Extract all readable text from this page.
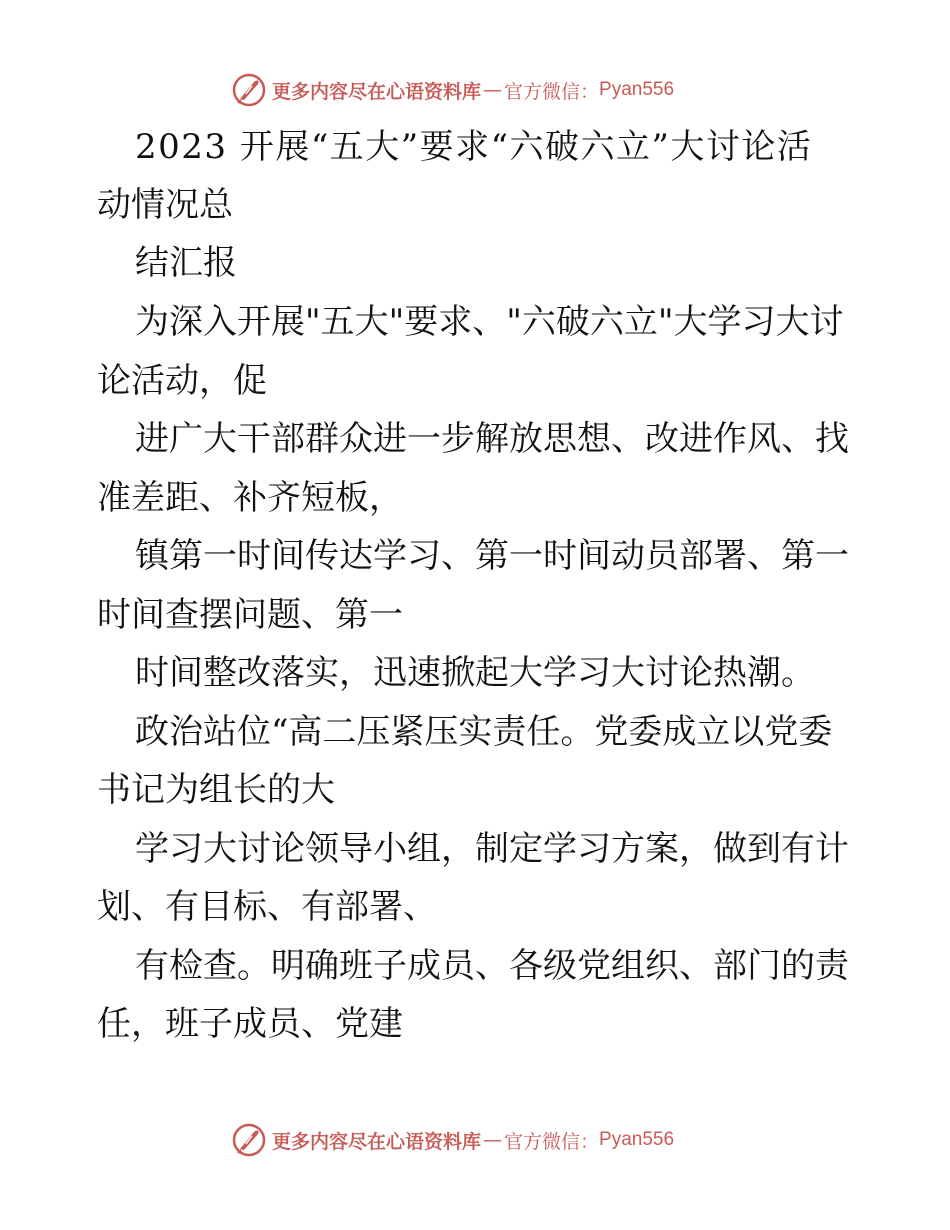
更多内容尽在心语资料库 — 官方微信： Pyan556
2023 开展“五大”要求“六破六立”大讨论活
动情况总
结汇报
为深入开展"五大"要求、"六破六立"大学习大讨
论活动，促
进广大干部群众进一步解放思想、改进作风、找
准差距、补齐短板，
镇第一时间传达学习、第一时间动员部署、第一
时间查摆问题、第一
时间整改落实，迅速掀起大学习大讨论热潮。
政治站位“高二压紧压实责任。党委成立以党委
书记为组长的大
学习大讨论领导小组，制定学习方案，做到有计
划、有目标、有部署、
有检查。明确班子成员、各级党组织、部门的责
任，班子成员、党建
更多内容尽在心语资料库 — 官方微信： Pyan556
